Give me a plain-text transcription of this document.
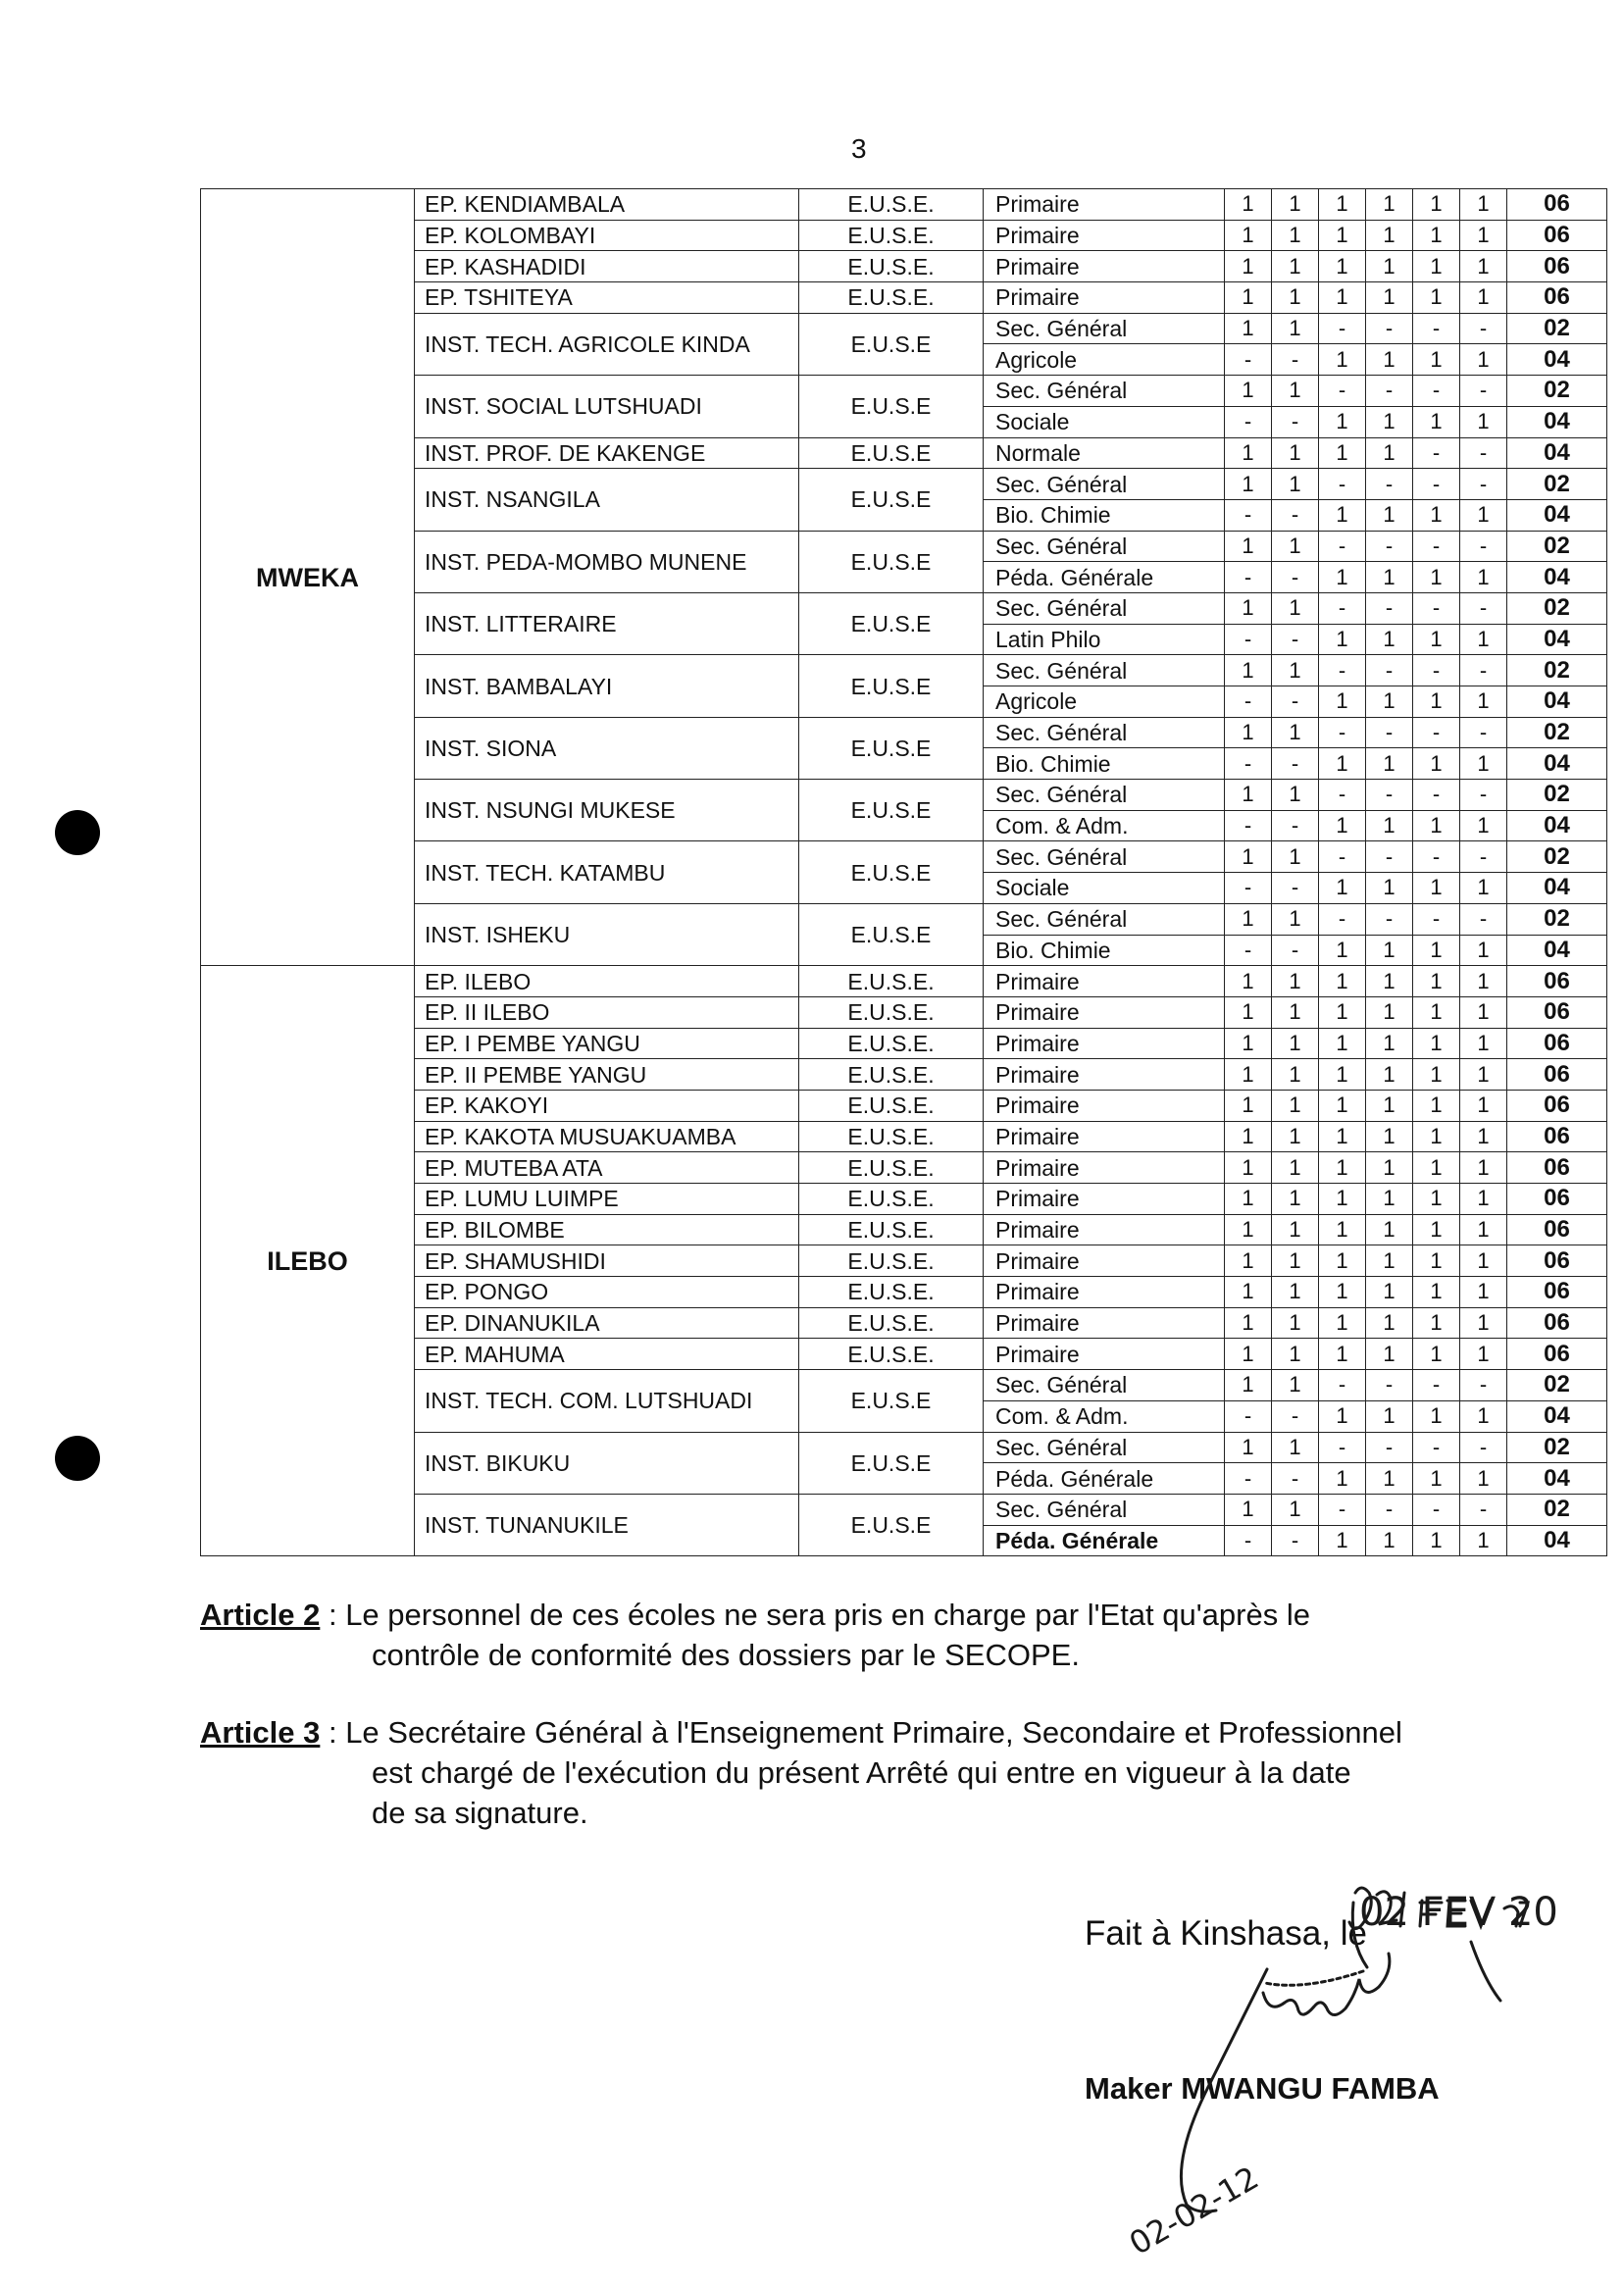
3
MWEKA	EP. KENDIAMBALA	E.U.S.E.	Primaire	1	1	1	1	1	1	06
	EP. KOLOMBAYI	E.U.S.E.	Primaire	1	1	1	1	1	1	06
	EP. KASHADIDI	E.U.S.E.	Primaire	1	1	1	1	1	1	06
	EP. TSHITEYA	E.U.S.E.	Primaire	1	1	1	1	1	1	06
	INST. TECH. AGRICOLE KINDA	E.U.S.E	Sec. Général	1	1	-	-	-	-	02
			Agricole	-	-	1	1	1	1	04
	INST. SOCIAL LUTSHUADI	E.U.S.E	Sec. Général	1	1	-	-	-	-	02
			Sociale	-	-	1	1	1	1	04
	INST. PROF. DE KAKENGE	E.U.S.E	Normale	1	1	1	1	-	-	04
	INST. NSANGILA	E.U.S.E	Sec. Général	1	1	-	-	-	-	02
			Bio. Chimie	-	-	1	1	1	1	04
	INST. PEDA-MOMBO MUNENE	E.U.S.E	Sec. Général	1	1	-	-	-	-	02
			Péda. Générale	-	-	1	1	1	1	04
	INST. LITTERAIRE	E.U.S.E	Sec. Général	1	1	-	-	-	-	02
			Latin Philo	-	-	1	1	1	1	04
	INST. BAMBALAYI	E.U.S.E	Sec. Général	1	1	-	-	-	-	02
			Agricole	-	-	1	1	1	1	04
	INST. SIONA	E.U.S.E	Sec. Général	1	1	-	-	-	-	02
			Bio. Chimie	-	-	1	1	1	1	04
	INST. NSUNGI MUKESE	E.U.S.E	Sec. Général	1	1	-	-	-	-	02
			Com. & Adm.	-	-	1	1	1	1	04
	INST. TECH. KATAMBU	E.U.S.E	Sec. Général	1	1	-	-	-	-	02
			Sociale	-	-	1	1	1	1	04
	INST. ISHEKU	E.U.S.E	Sec. Général	1	1	-	-	-	-	02
			Bio. Chimie	-	-	1	1	1	1	04
ILEBO	EP. ILEBO	E.U.S.E.	Primaire	1	1	1	1	1	1	06
	EP. II ILEBO	E.U.S.E.	Primaire	1	1	1	1	1	1	06
	EP. I PEMBE YANGU	E.U.S.E.	Primaire	1	1	1	1	1	1	06
	EP. II PEMBE YANGU	E.U.S.E.	Primaire	1	1	1	1	1	1	06
	EP. KAKOYI	E.U.S.E.	Primaire	1	1	1	1	1	1	06
	EP. KAKOTA MUSUAKUAMBA	E.U.S.E.	Primaire	1	1	1	1	1	1	06
	EP. MUTEBA ATA	E.U.S.E.	Primaire	1	1	1	1	1	1	06
	EP. LUMU LUIMPE	E.U.S.E.	Primaire	1	1	1	1	1	1	06
	EP. BILOMBE	E.U.S.E.	Primaire	1	1	1	1	1	1	06
	EP. SHAMUSHIDI	E.U.S.E.	Primaire	1	1	1	1	1	1	06
	EP. PONGO	E.U.S.E.	Primaire	1	1	1	1	1	1	06
	EP. DINANUKILA	E.U.S.E.	Primaire	1	1	1	1	1	1	06
	EP. MAHUMA	E.U.S.E.	Primaire	1	1	1	1	1	1	06
	INST. TECH. COM. LUTSHUADI	E.U.S.E	Sec. Général	1	1	-	-	-	-	02
			Com. & Adm.	-	-	1	1	1	1	04
	INST. BIKUKU	E.U.S.E	Sec. Général	1	1	-	-	-	-	02
			Péda. Générale	-	-	1	1	1	1	04
	INST. TUNANUKILE	E.U.S.E	Sec. Général	1	1	-	-	-	-	02
			Péda. Générale	-	-	1	1	1	1	04
Article 2 : Le personnel de ces écoles ne sera pris en charge par l'Etat qu'après le
contrôle de conformité des dossiers par le SECOPE.
Article 3 : Le Secrétaire Général à l'Enseignement Primaire, Secondaire et Professionnel
est chargé de l'exécution du présent Arrêté qui entre en vigueur à la date de sa signature.
Fait à Kinshasa, le
Maker MWANGU FAMBA
02-02-12
02 FEV 20
